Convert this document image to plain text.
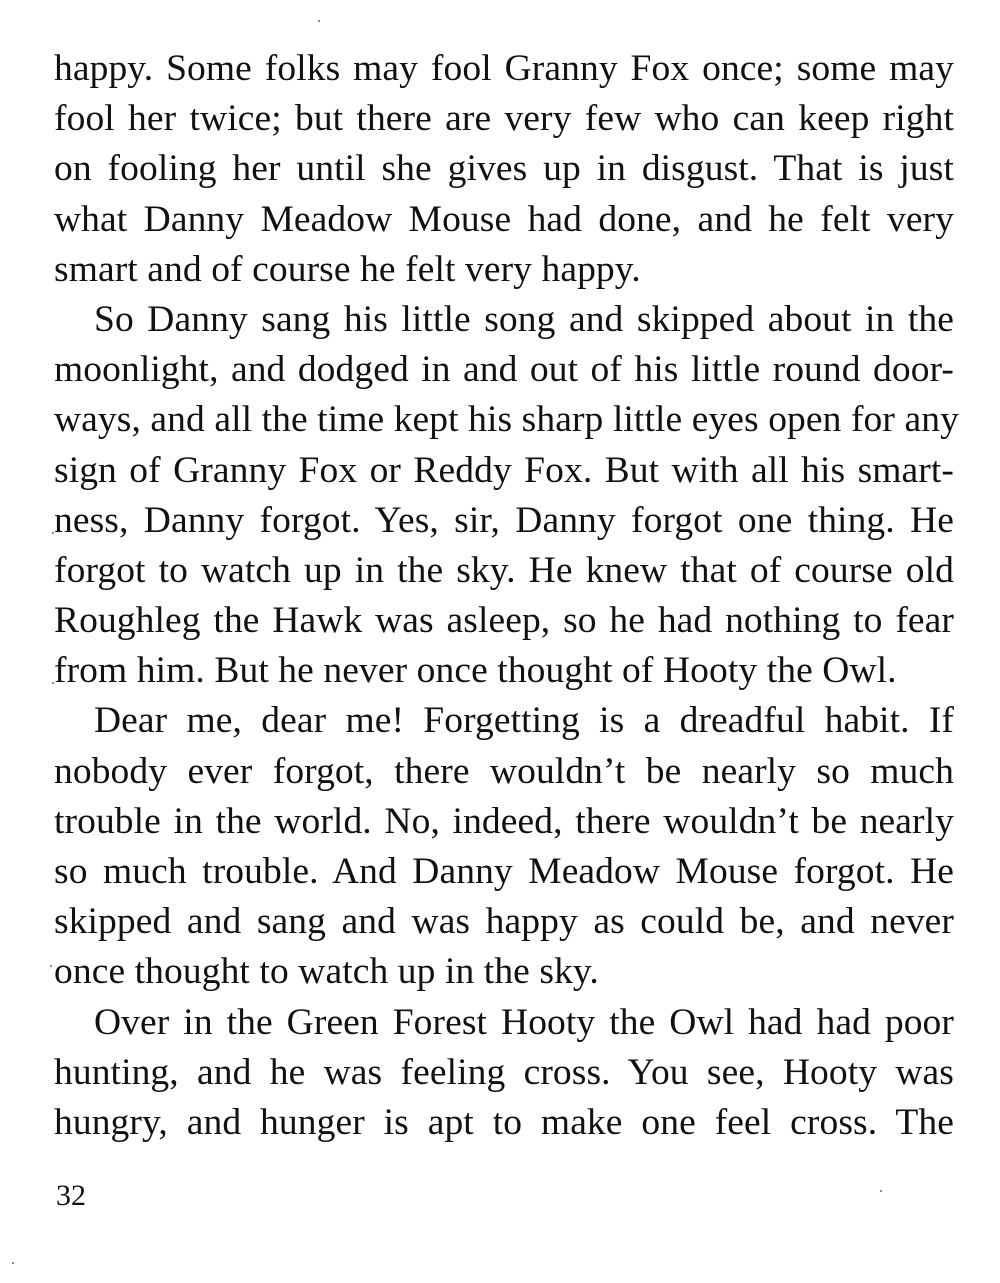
happy. Some folks may fool Granny Fox once; some may
fool her twice; but there are very few who can keep right
on fooling her until she gives up in disgust. That is just
what Danny Meadow Mouse had done, and he felt very
smart and of course he felt very happy.
So Danny sang his little song and skipped about in the
moonlight, and dodged in and out of his little round door-
ways, and all the time kept his sharp little eyes open for any
sign of Granny Fox or Reddy Fox. But with all his smart-
ness, Danny forgot. Yes, sir, Danny forgot one thing. He
forgot to watch up in the sky. He knew that of course old
Roughleg the Hawk was asleep, so he had nothing to fear
from him. But he never once thought of Hooty the Owl.
Dear me, dear me! Forgetting is a dreadful habit. If
nobody ever forgot, there wouldn’t be nearly so much
trouble in the world. No, indeed, there wouldn’t be nearly
so much trouble. And Danny Meadow Mouse forgot. He
skipped and sang and was happy as could be, and never
once thought to watch up in the sky.
Over in the Green Forest Hooty the Owl had had poor
hunting, and he was feeling cross. You see, Hooty was
hungry, and hunger is apt to make one feel cross. The
32
